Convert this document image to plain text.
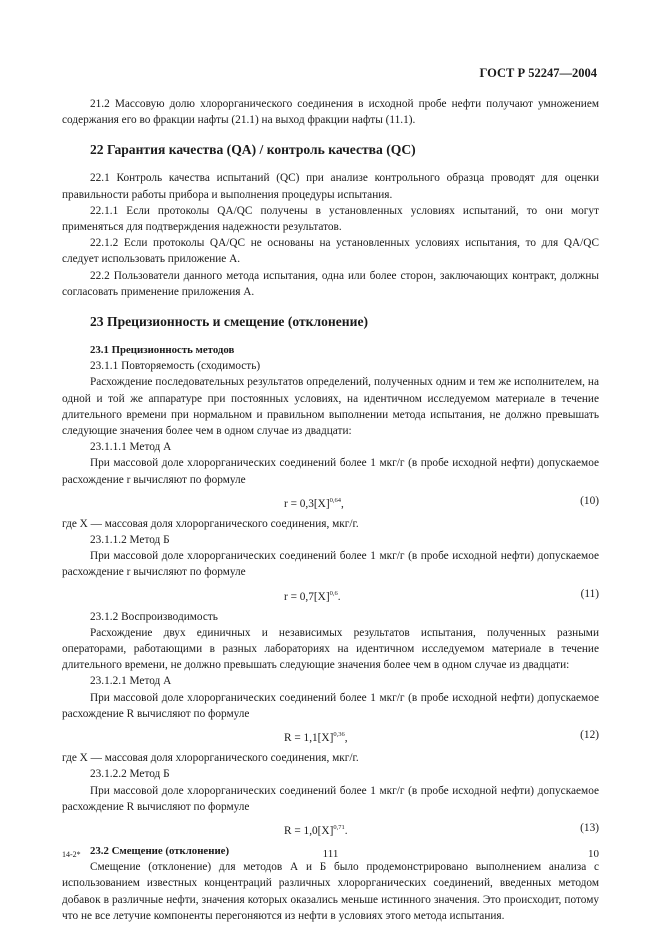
ГОСТ Р 52247—2004

21.2 Массовую долю хлорорганического соединения в исходной пробе нефти получают умножением содержания его во фракции нафты (21.1) на выход фракции нафты (11.1).

22 Гарантия качества (QA) / контроль качества (QC)

22.1 Контроль качества испытаний (QC) при анализе контрольного образца проводят для оценки правильности работы прибора и выполнения процедуры испытания.

22.1.1 Если протоколы QA/QC получены в установленных условиях испытаний, то они могут применяться для подтверждения надежности результатов.

22.1.2 Если протоколы QA/QC не основаны на установленных условиях испытания, то для QA/QC следует использовать приложение А.

22.2 Пользователи данного метода испытания, одна или более сторон, заключающих контракт, должны согласовать применение приложения А.

23 Прецизионность и смещение (отклонение)
23.1 Прецизионность методов

23.1.1 Повторяемость (сходимость)

Расхождение последовательных результатов определений, полученных одним и тем же исполнителем, на одной и той же аппаратуре при постоянных условиях, на идентичном исследуемом материале в течение длительного времени при нормальном и правильном выполнении метода испытания, не должно превышать следующие значения более чем в одном случае из двадцати:

23.1.1.1 Метод А

При массовой доле хлорорганических соединений более 1 мкг/г (в пробе исходной нефти) допускаемое расхождение r вычисляют по формуле

$r = 0,3[X]^{0,64}$,	(10)

где X — массовая доля хлорорганического соединения, мкг/г.

23.1.1.2 Метод Б

При массовой доле хлорорганических соединений более 1 мкг/г (в пробе исходной нефти) допускаемое расхождение r вычисляют по формуле

$r = 0,7[X]^{0,6}$.	(11)

23.1.2 Воспроизводимость

Расхождение двух единичных и независимых результатов испытания, полученных разными операторами, работающими в разных лабораториях на идентичном исследуемом материале в течение длительного времени, не должно превышать следующие значения более чем в одном случае из двадцати:

23.1.2.1 Метод А

При массовой доле хлорорганических соединений более 1 мкг/г (в пробе исходной нефти) допускаемое расхождение R вычисляют по формуле

$R = 1,1[X]^{0,36}$,	(12)

где X — массовая доля хлорорганического соединения, мкг/г.

23.1.2.2 Метод Б

При массовой доле хлорорганических соединений более 1 мкг/г (в пробе исходной нефти) допускаемое расхождение R вычисляют по формуле

$R = 1,0[X]^{0,71}$.	(13)
23.2 Смещение (отклонение)

Смещение (отклонение) для методов А и Б было продемонстрировано выполнением анализа с использованием известных концентраций различных хлорорганических соединений, введенных методом добавок в различные нефти, значения которых оказались меньше истинного значения. Это происходит, потому что не все летучие компоненты перегоняются из нефти в условиях этого метода испытания.

14-2*	111	10
